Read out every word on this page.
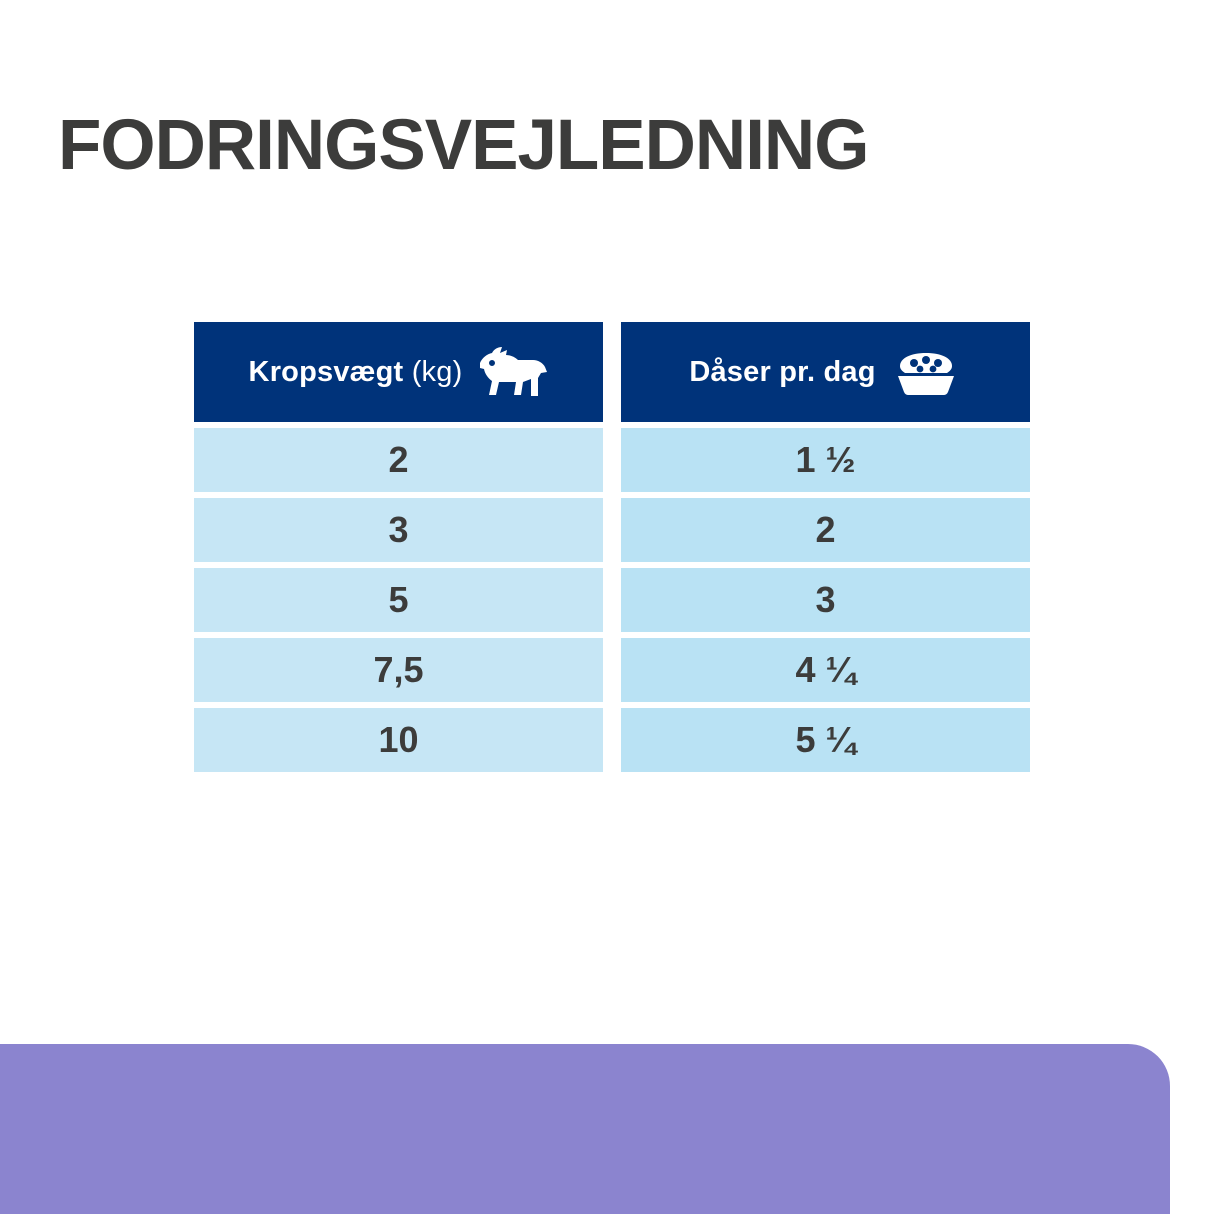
FODRINGSVEJLEDNING
Kropsvægt (kg)	Dåser pr. dag
2	1 ½
3	2
5	3
7,5	4 ¼
10	5 ¼
